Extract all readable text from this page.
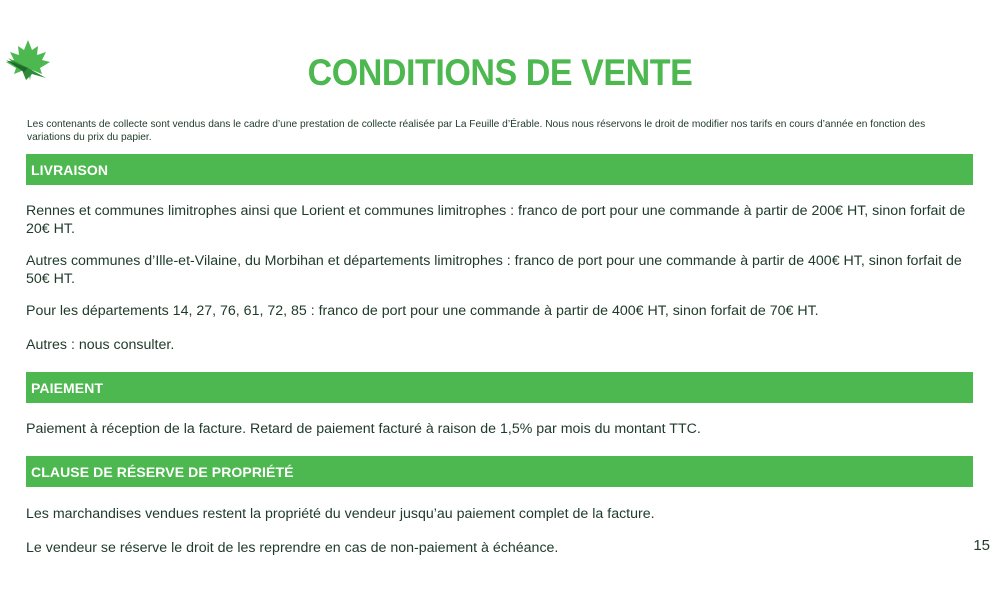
CONDITIONS DE VENTE

Les contenants de collecte sont vendus dans le cadre d’une prestation de collecte réalisée par La Feuille d’Érable. Nous nous réservons le droit de modifier nos tarifs en cours d’année en fonction des variations du prix du papier.

LIVRAISON

Rennes et communes limitrophes ainsi que Lorient et communes limitrophes : franco de port pour une commande à partir de 200€ HT, sinon forfait de 20€ HT.

Autres communes d’Ille-et-Vilaine, du Morbihan et départements limitrophes : franco de port pour une commande à partir de 400€ HT, sinon forfait de 50€ HT.

Pour les départements 14, 27, 76, 61, 72, 85 : franco de port pour une commande à partir de 400€ HT, sinon forfait de 70€ HT.

Autres : nous consulter.

PAIEMENT

Paiement à réception de la facture. Retard de paiement facturé à raison de 1,5% par mois du montant TTC.

CLAUSE DE RÉSERVE DE PROPRIÉTÉ

Les marchandises vendues restent la propriété du vendeur jusqu’au paiement complet de la facture.

Le vendeur se réserve le droit de les reprendre en cas de non-paiement à échéance.	15
